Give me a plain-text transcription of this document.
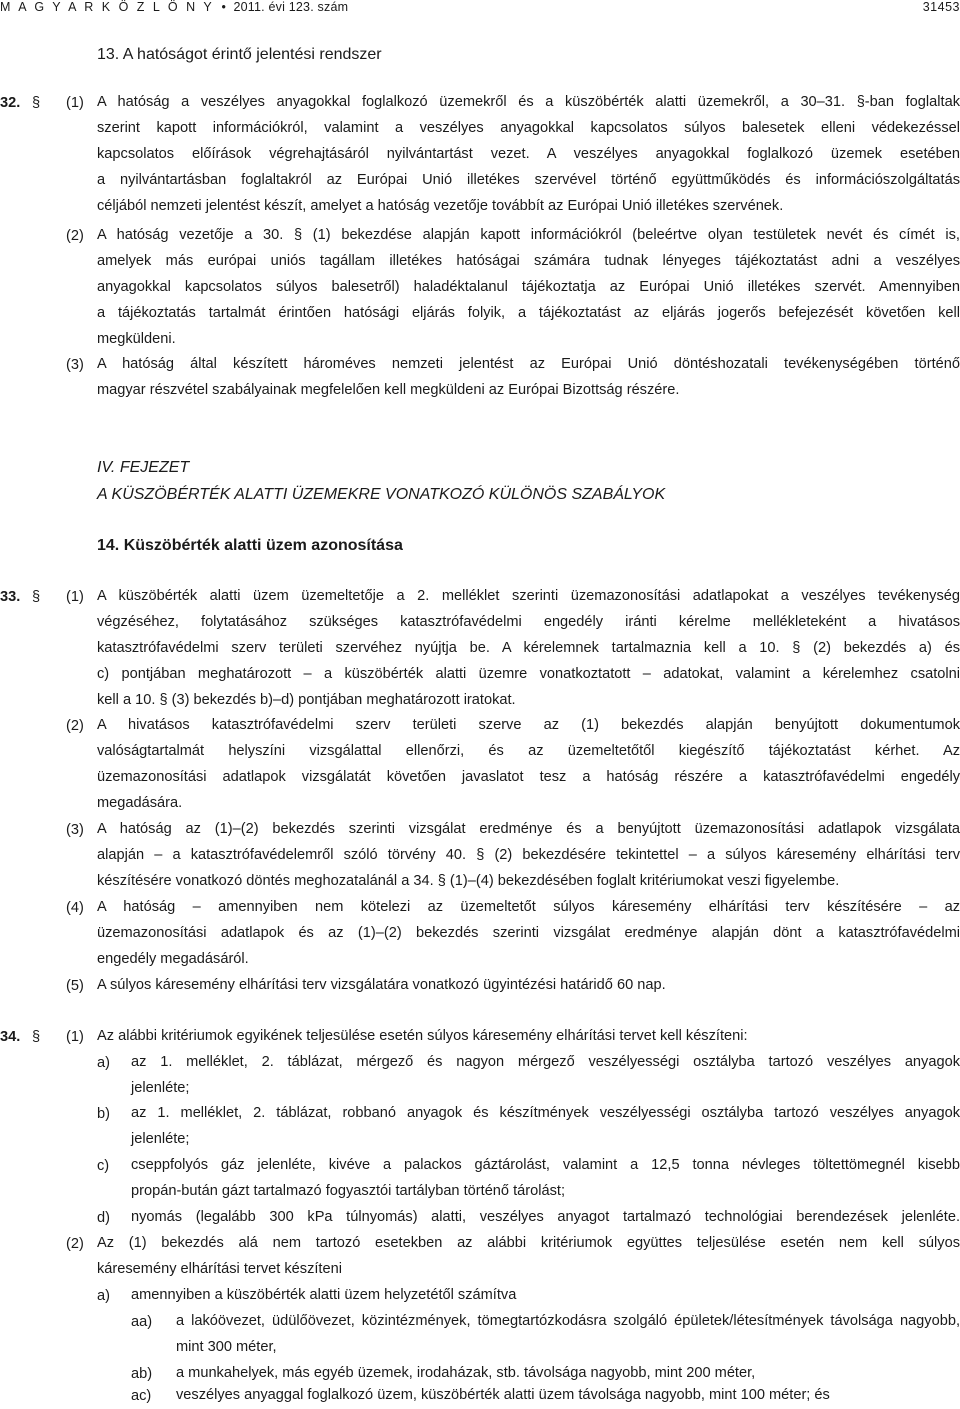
M A G Y A R K Ö Z L Ö N Y  •  2011. évi 123. szám	31453
13. A hatóságot érintő jelentési rendszer
32. § (1) A hatóság a veszélyes anyagokkal foglalkozó üzemekről és a küszöbérték alatti üzemekről, a 30–31. §-ban foglaltak
szerint kapott információkról, valamint a veszélyes anyagokkal kapcsolatos súlyos balesetek elleni védekezéssel
kapcsolatos előírások végrehajtásáról nyilvántartást vezet. A veszélyes anyagokkal foglalkozó üzemek esetében
a nyilvántartásban foglaltakról az Európai Unió illetékes szervével történő együttműködés és információszolgáltatás
céljából nemzeti jelentést készít, amelyet a hatóság vezetője továbbít az Európai Unió illetékes szervének.
(2) A hatóság vezetője a 30. § (1) bekezdése alapján kapott információkról (beleértve olyan testületek nevét és címét is,
amelyek más európai uniós tagállam illetékes hatóságai számára tudnak lényeges tájékoztatást adni a veszélyes
anyagokkal kapcsolatos súlyos balesetről) haladéktalanul tájékoztatja az Európai Unió illetékes szervét. Amennyiben
a tájékoztatás tartalmát érintően hatósági eljárás folyik, a tájékoztatást az eljárás jogerős befejezését követően kell
megküldeni.
(3) A hatóság által készített hároméves nemzeti jelentést az Európai Unió döntéshozatali tevékenységében történő
magyar részvétel szabályainak megfelelően kell megküldeni az Európai Bizottság részére.
IV. FEJEZET
A KÜSZÖBÉRTÉK ALATTI ÜZEMEKRE VONATKOZÓ KÜLÖNÖS SZABÁLYOK
14. Küszöbérték alatti üzem azonosítása
33. § (1) A küszöbérték alatti üzem üzemeltetője a 2. melléklet szerinti üzemazonosítási adatlapokat a veszélyes tevékenység
végzéséhez, folytatásához szükséges katasztrófavédelmi engedély iránti kérelme mellékleteként a hivatásos
katasztrófavédelmi szerv területi szervéhez nyújtja be. A kérelemnek tartalmaznia kell a 10. § (2) bekezdés a) és
c) pontjában meghatározott – a küszöbérték alatti üzemre vonatkoztatott – adatokat, valamint a kérelemhez csatolni
kell a 10. § (3) bekezdés b)–d) pontjában meghatározott iratokat.
(2) A hivatásos katasztrófavédelmi szerv területi szerve az (1) bekezdés alapján benyújtott dokumentumok
valóságtartalmát helyszíni vizsgálattal ellenőrzi, és az üzemeltetőtől kiegészítő tájékoztatást kérhet. Az
üzemazonosítási adatlapok vizsgálatát követően javaslatot tesz a hatóság részére a katasztrófavédelmi engedély
megadására.
(3) A hatóság az (1)–(2) bekezdés szerinti vizsgálat eredménye és a benyújtott üzemazonosítási adatlapok vizsgálata
alapján – a katasztrófavédelemről szóló törvény 40. § (2) bekezdésére tekintettel – a súlyos káresemény elhárítási terv
készítésére vonatkozó döntés meghozatalánál a 34. § (1)–(4) bekezdésében foglalt kritériumokat veszi figyelembe.
(4) A hatóság – amennyiben nem kötelezi az üzemeltetőt súlyos káresemény elhárítási terv készítésére – az
üzemazonosítási adatlapok és az (1)–(2) bekezdés szerinti vizsgálat eredménye alapján dönt a katasztrófavédelmi
engedély megadásáról.
(5) A súlyos káresemény elhárítási terv vizsgálatára vonatkozó ügyintézési határidő 60 nap.
34. § (1) Az alábbi kritériumok egyikének teljesülése esetén súlyos káresemény elhárítási tervet kell készíteni:
a) az 1. melléklet, 2. táblázat, mérgező és nagyon mérgező veszélyességi osztályba tartozó veszélyes anyagok
jelenléte;
b) az 1. melléklet, 2. táblázat, robbanó anyagok és készítmények veszélyességi osztályba tartozó veszélyes anyagok
jelenléte;
c) cseppfolyós gáz jelenléte, kivéve a palackos gáztárolást, valamint a 12,5 tonna névleges töltettömegnél kisebb
propán-bután gázt tartalmazó fogyasztói tartályban történő tárolást;
d) nyomás (legalább 300 kPa túlnyomás) alatti, veszélyes anyagot tartalmazó technológiai berendezések jelenléte.
(2) Az (1) bekezdés alá nem tartozó esetekben az alábbi kritériumok együttes teljesülése esetén nem kell súlyos
káresemény elhárítási tervet készíteni
a) amennyiben a küszöbérték alatti üzem helyzetétől számítva
aa) a lakóövezet, üdülőövezet, közintézmények, tömegtartózkodásra szolgáló épületek/létesítmények távolsága nagyobb,
mint 300 méter,
ab) a munkahelyek, más egyéb üzemek, irodaházak, stb. távolsága nagyobb, mint 200 méter,
ac) veszélyes anyaggal foglalkozó üzem, küszöbérték alatti üzem távolsága nagyobb, mint 100 méter; és
